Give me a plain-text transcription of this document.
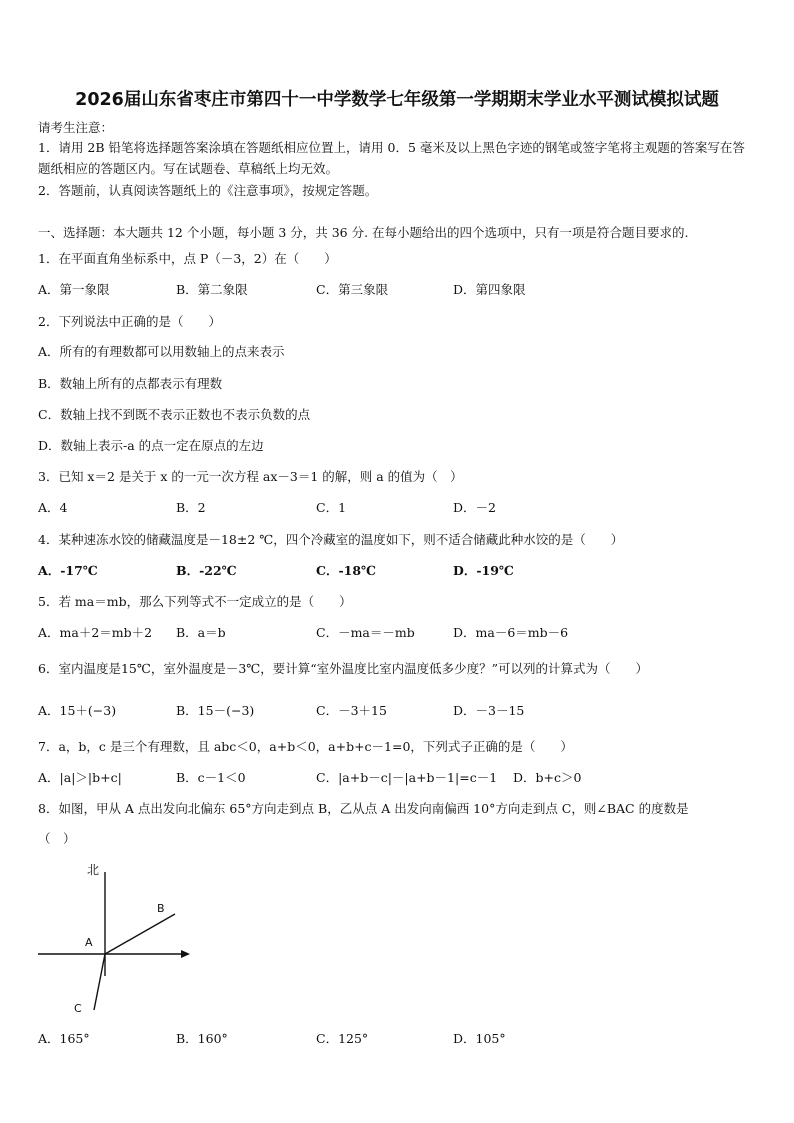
2026届山东省枣庄市第四十一中学数学七年级第一学期期末学业水平测试模拟试题
请考生注意：
1．请用 2B 铅笔将选择题答案涂填在答题纸相应位置上，请用 0．5 毫米及以上黑色字迹的钢笔或签字笔将主观题的答案写在答题纸相应的答题区内。写在试题卷、草稿纸上均无效。
2．答题前，认真阅读答题纸上的《注意事项》，按规定答题。
一、选择题：本大题共 12 个小题，每小题 3 分，共 36 分. 在每小题给出的四个选项中，只有一项是符合题目要求的.
1．在平面直角坐标系中，点 P（－3，2）在（　　）
A．第一象限	B．第二象限	C．第三象限	D．第四象限
2．下列说法中正确的是（　　）
A．所有的有理数都可以用数轴上的点来表示
B．数轴上所有的点都表示有理数
C．数轴上找不到既不表示正数也不表示负数的点
D．数轴上表示-a 的点一定在原点的左边
3．已知 x＝2 是关于 x 的一元一次方程 ax－3＝1 的解，则 a 的值为（　）
A．4	B．2	C．1	D．－2
4．某种速冻水饺的储藏温度是－18±2 ℃，四个冷藏室的温度如下，则不适合储藏此种水饺的是（　　）
A．-17℃	B．-22℃	C．-18℃	D．-19℃
5．若 ma＝mb，那么下列等式不一定成立的是（　　）
A．ma＋2＝mb＋2 B．a＝b	C．－ma＝－mb	D．ma－6＝mb－6
6．室内温度是15℃，室外温度是－3℃，要计算“室外温度比室内温度低多少度？”可以列的计算式为（　　）
A．15＋(−3)	B．15－(−3)	C．－3＋15	D．－3－15
7．a，b，c 是三个有理数，且 abc＜0，a+b＜0，a+b+c－1=0，下列式子正确的是（　　）
A．|a|＞|b+c|	B．c－1＜0	C．|a+b－c|－|a+b－1|=c－1 D．b+c＞0
8．如图，甲从 A 点出发向北偏东 65°方向走到点 B，乙从点 A 出发向南偏西 10°方向走到点 C，则∠BAC 的度数是
（　）
北
A
B
C
A．165°	B．160°	C．125°	D．105°
